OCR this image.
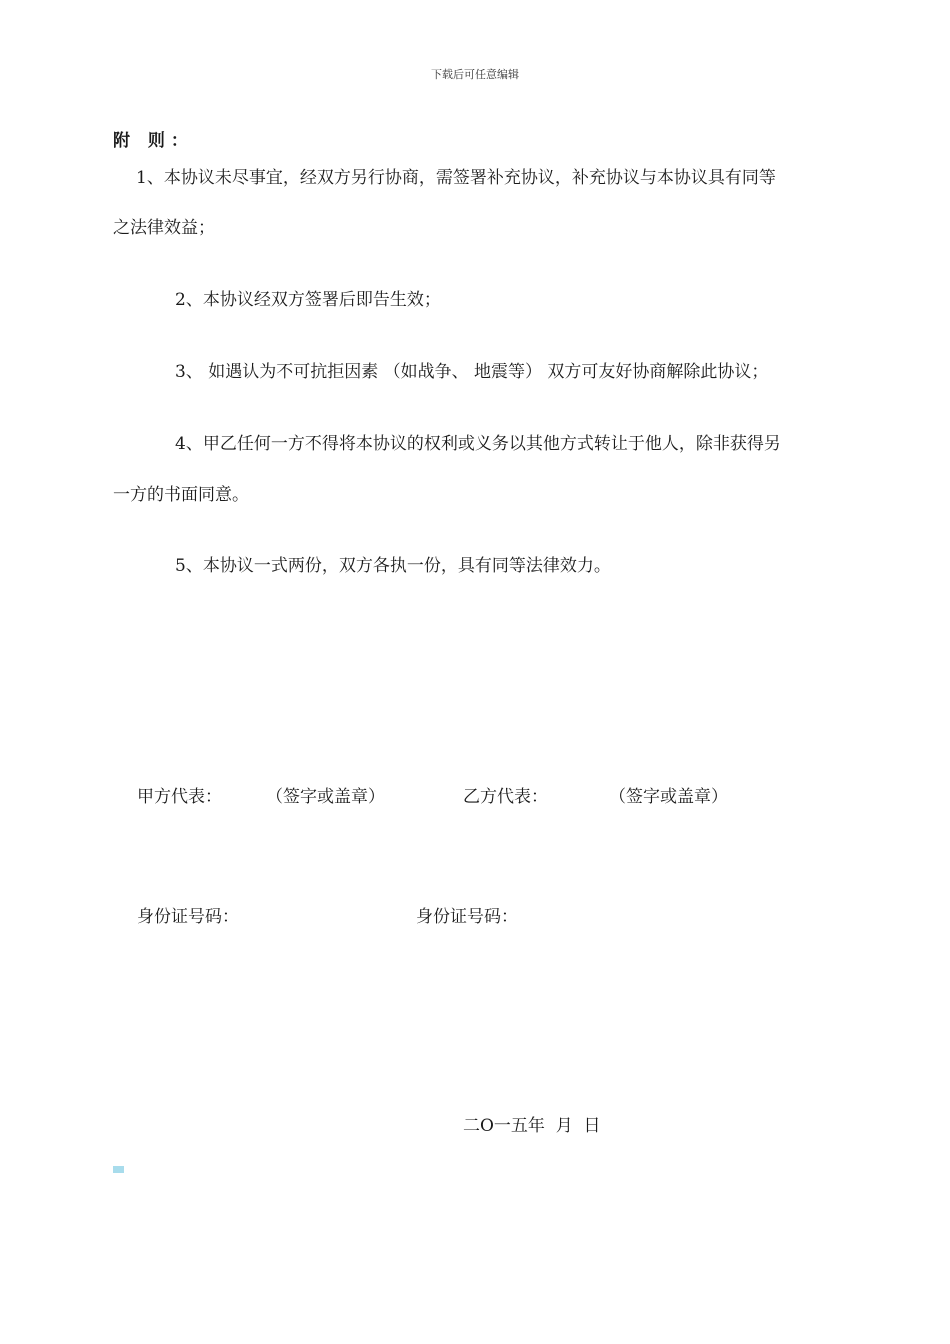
下载后可任意编辑
附 则：
1、本协议未尽事宜，经双方另行协商，需签署补充协议，补充协议与本协议具有同等
之法律效益；
2、本协议经双方签署后即告生效；
3、 如遇认为不可抗拒因素 （如战争、 地震等） 双方可友好协商解除此协议；
4、甲乙任何一方不得将本协议的权利或义务以其他方式转让于他人，除非获得另
一方的书面同意。
5、本协议一式两份，双方各执一份，具有同等法律效力。
甲方代表：	（签字或盖章）	乙方代表：	（签字或盖章）
身份证号码：	身份证号码：
二O一五年  月  日
